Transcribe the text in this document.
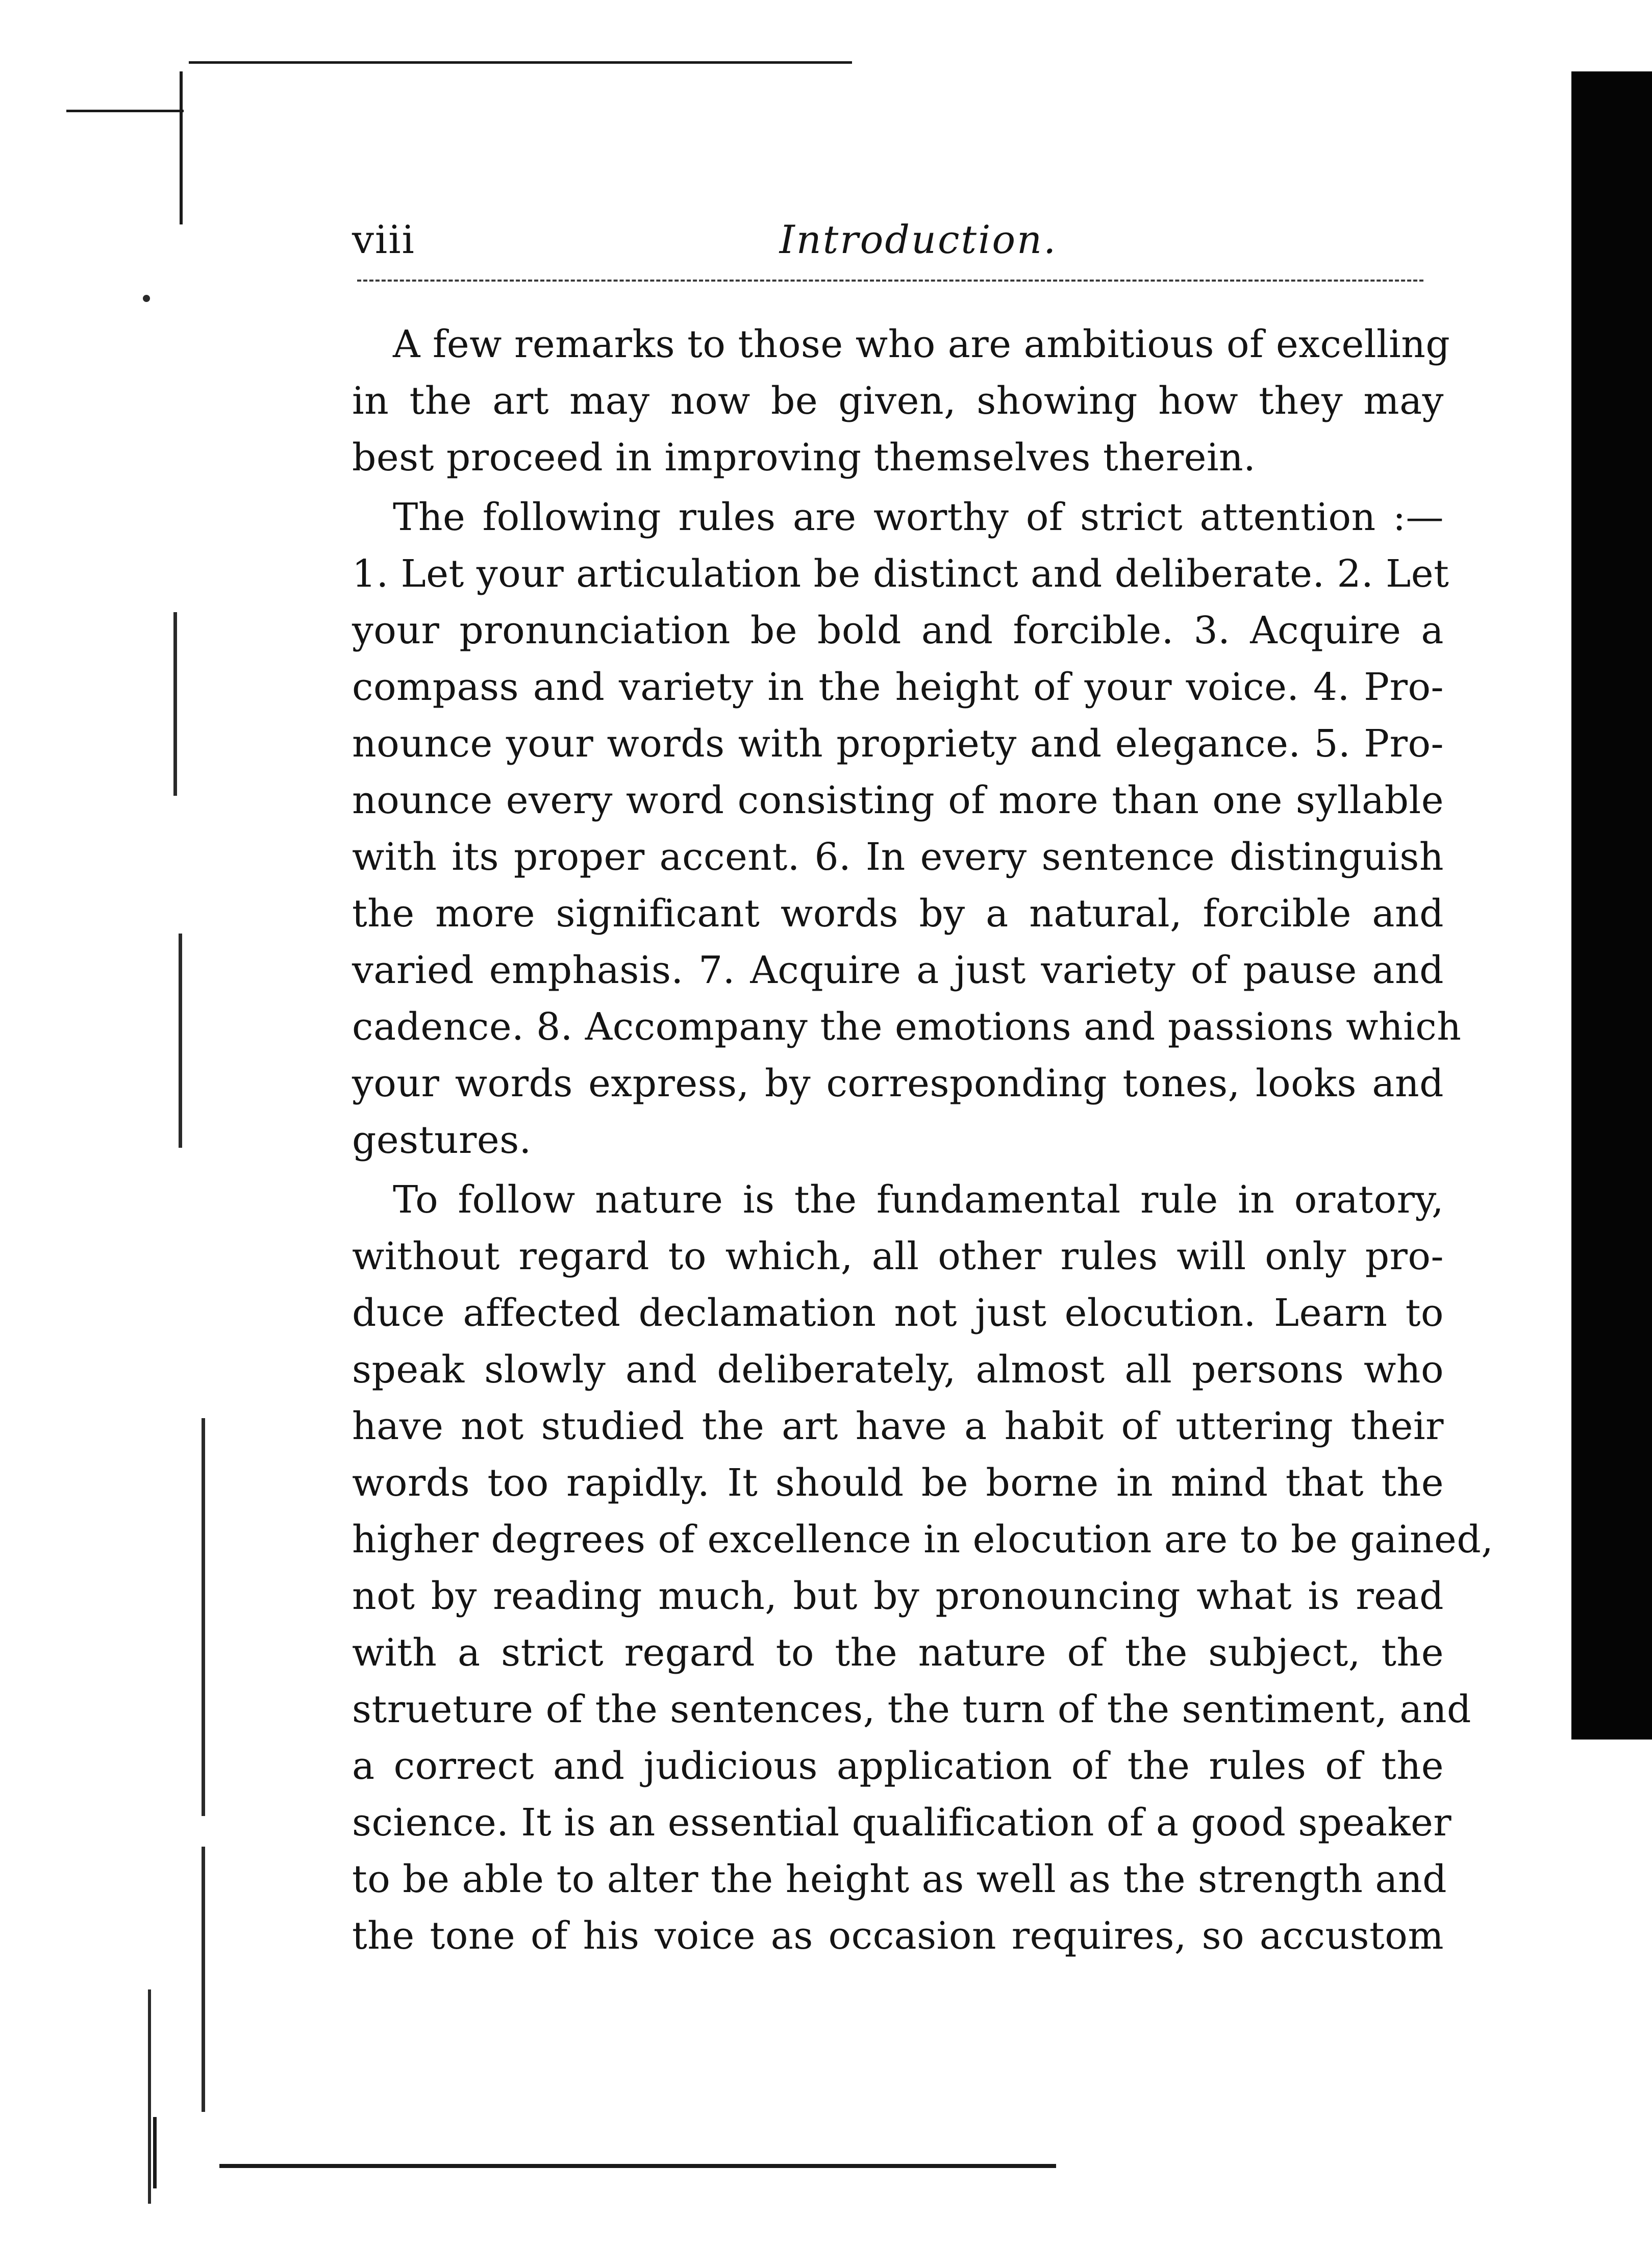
viii	Introduction.
A few remarks to those who are ambitious of excelling
in the art may now be given, showing how they may
best proceed in improving themselves therein.
The following rules are worthy of strict attention :—
1. Let your articulation be distinct and deliberate. 2. Let
your pronunciation be bold and forcible. 3. Acquire a
compass and variety in the height of your voice. 4. Pro-
nounce your words with propriety and elegance. 5. Pro-
nounce every word consisting of more than one syllable
with its proper accent. 6. In every sentence distinguish
the more significant words by a natural, forcible and
varied emphasis. 7. Acquire a just variety of pause and
cadence. 8. Accompany the emotions and passions which
your words express, by corresponding tones, looks and
gestures.
To follow nature is the fundamental rule in oratory,
without regard to which, all other rules will only pro-
duce affected declamation not just elocution. Learn to
speak slowly and deliberately, almost all persons who
have not studied the art have a habit of uttering their
words too rapidly. It should be borne in mind that the
higher degrees of excellence in elocution are to be gained,
not by reading much, but by pronouncing what is read
with a strict regard to the nature of the subject, the
strueture of the sentences, the turn of the sentiment, and
a correct and judicious application of the rules of the
science. It is an essential qualification of a good speaker
to be able to alter the height as well as the strength and
the tone of his voice as occasion requires, so accustom
